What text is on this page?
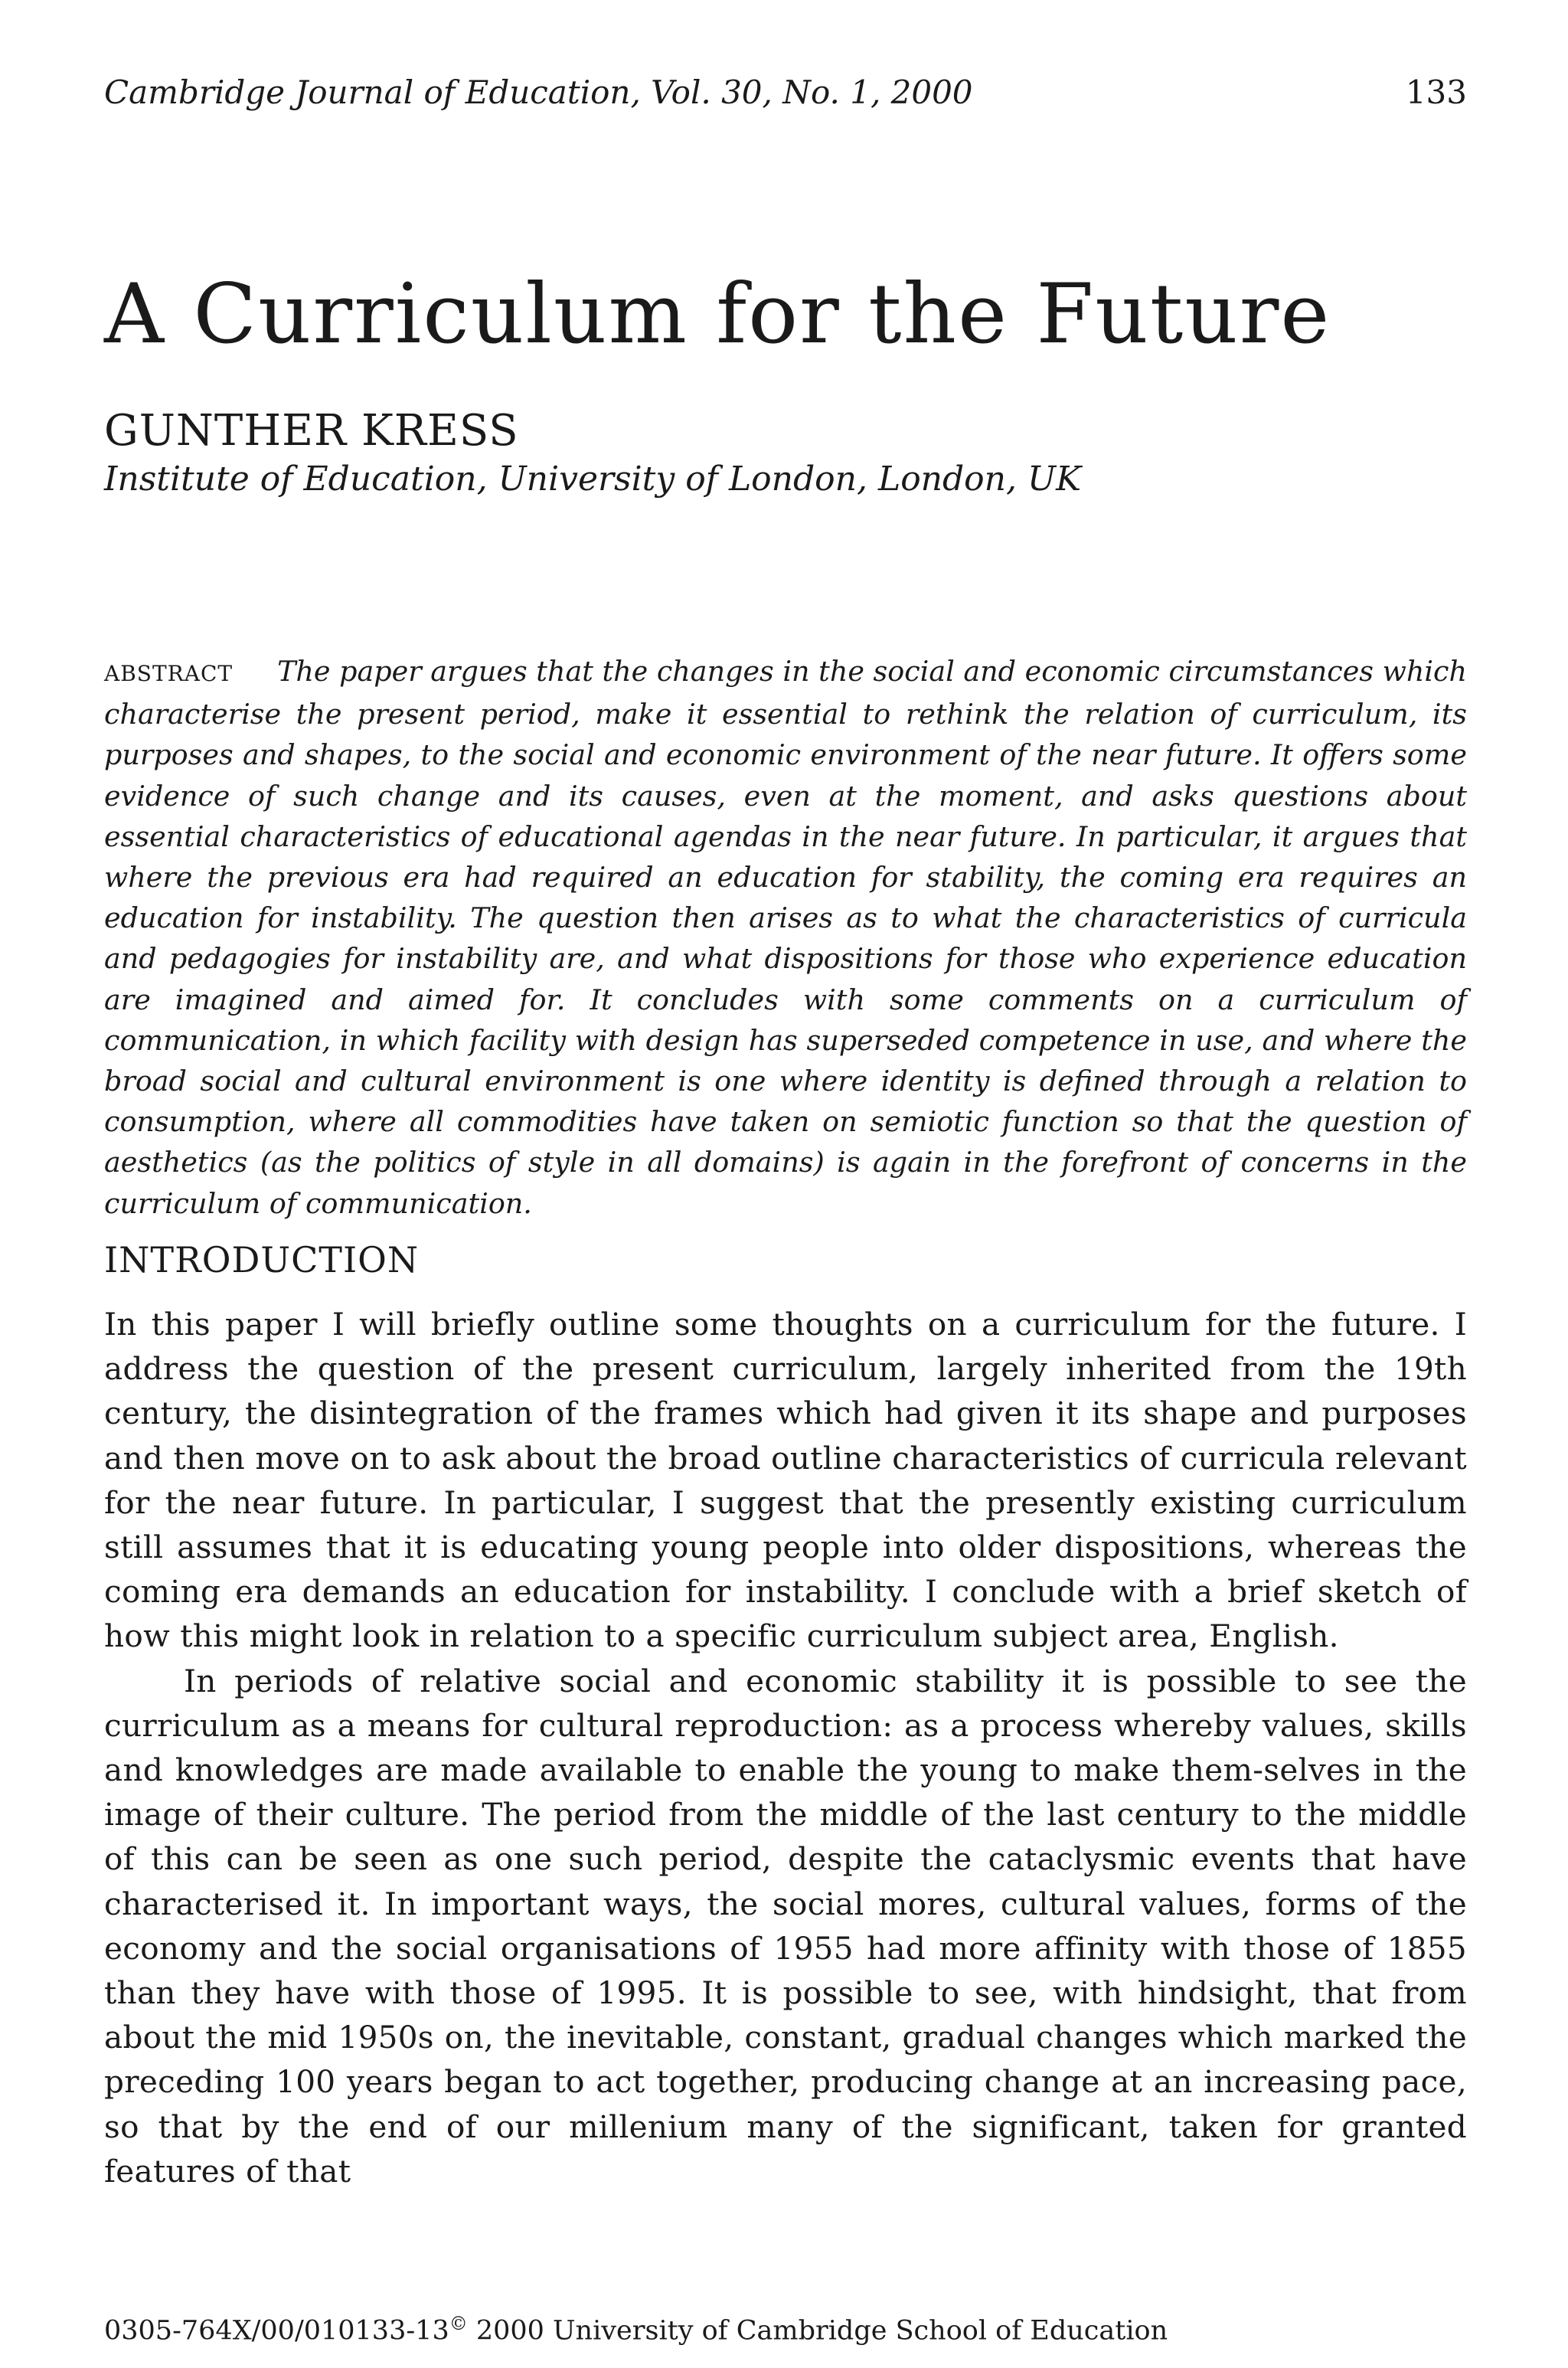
Cambridge Journal of Education, Vol. 30, No. 1, 2000	133
A Curriculum for the Future
GUNTHER KRESS
Institute of Education, University of London, London, UK

ABSTRACT The paper argues that the changes in the social and economic circumstances which characterise the present period, make it essential to rethink the relation of curriculum, its purposes and shapes, to the social and economic environment of the near future. It offers some evidence of such change and its causes, even at the moment, and asks questions about essential characteristics of educational agendas in the near future. In particular, it argues that where the previous era had required an education for stability, the coming era requires an education for instability. The question then arises as to what the characteristics of curricula and pedagogies for instability are, and what dispositions for those who experience education are imagined and aimed for. It concludes with some comments on a curriculum of communication, in which facility with design has superseded competence in use, and where the broad social and cultural environment is one where identity is defined through a relation to consumption, where all commodities have taken on semiotic function so that the question of aesthetics (as the politics of style in all domains) is again in the forefront of concerns in the curriculum of communication.

INTRODUCTION

In this paper I will briefly outline some thoughts on a curriculum for the future. I address the question of the present curriculum, largely inherited from the 19th century, the disintegration of the frames which had given it its shape and purposes and then move on to ask about the broad outline characteristics of curricula relevant for the near future. In particular, I suggest that the presently existing curriculum still assumes that it is educating young people into older dispositions, whereas the coming era demands an education for instability. I conclude with a brief sketch of how this might look in relation to a specific curriculum subject area, English.

In periods of relative social and economic stability it is possible to see the curriculum as a means for cultural reproduction: as a process whereby values, skills and knowledges are made available to enable the young to make them-selves in the image of their culture. The period from the middle of the last century to the middle of this can be seen as one such period, despite the cataclysmic events that have characterised it. In important ways, the social mores, cultural values, forms of the economy and the social organisations of 1955 had more affinity with those of 1855 than they have with those of 1995. It is possible to see, with hindsight, that from about the mid 1950s on, the inevitable, constant, gradual changes which marked the preceding 100 years began to act together, producing change at an increasing pace, so that by the end of our millenium many of the significant, taken for granted features of that

0305-764X/00/010133-13© 2000 University of Cambridge School of Education
